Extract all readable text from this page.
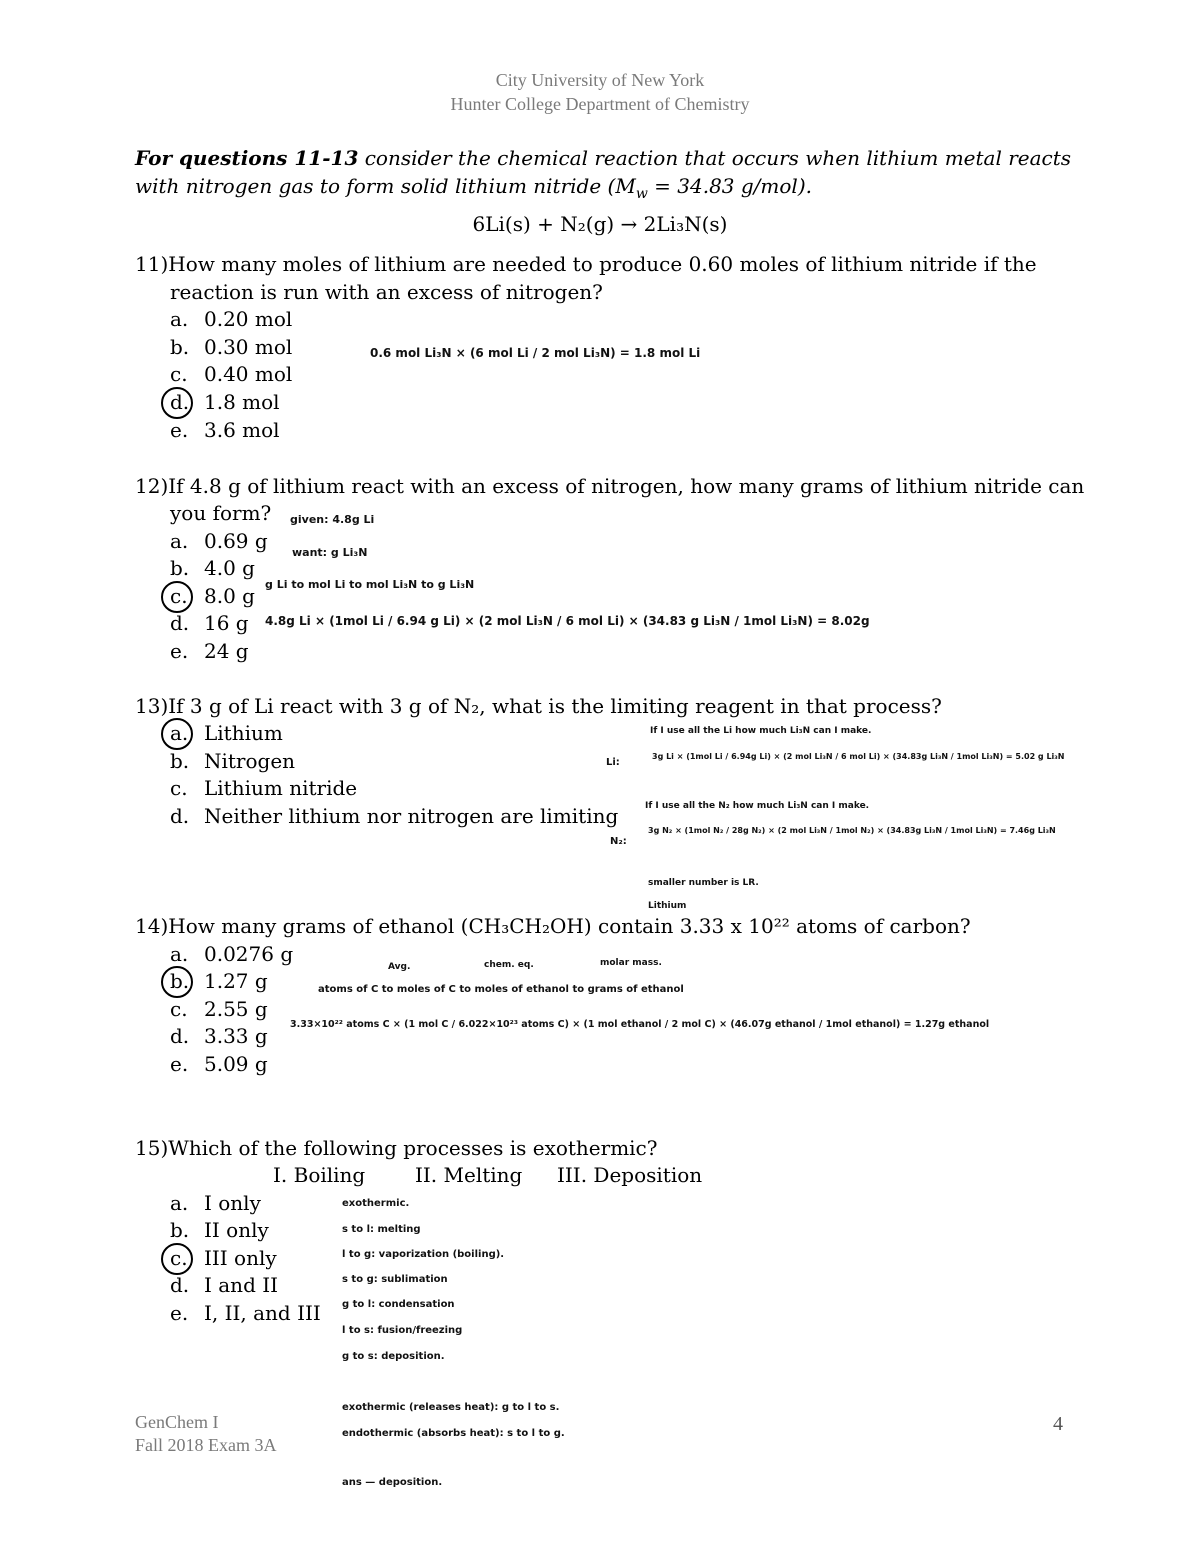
City University of New York
Hunter College Department of Chemistry
For questions 11-13 consider the chemical reaction that occurs when lithium metal reacts
with nitrogen gas to form solid lithium nitride ($M_w = 34.83$ g/mol).
6Li(s) + N₂(g) → 2Li₃N(s)
11)How many moles of lithium are needed to produce 0.60 moles of lithium nitride if the
reaction is run with an excess of nitrogen?
a. 0.20 mol
b. 0.30 mol
c. 0.40 mol
d. 1.8 mol
e. 3.6 mol
0.6 mol Li₃N × (6 mol Li / 2 mol Li₃N) = 1.8 mol Li
12)If 4.8 g of lithium react with an excess of nitrogen, how many grams of lithium nitride can
you form?
a. 0.69 g
b. 4.0 g
c. 8.0 g
d. 16 g
e. 24 g
given: 4.8g Li
want: g Li₃N
g Li to mol Li to mol Li₃N to g Li₃N
4.8g Li × (1mol Li / 6.94 g Li) × (2 mol Li₃N / 6 mol Li) × (34.83 g Li₃N / 1mol Li₃N) = 8.02g
13)If 3 g of Li react with 3 g of N₂, what is the limiting reagent in that process?
a. Lithium
b. Nitrogen
c. Lithium nitride
d. Neither lithium nor nitrogen are limiting
If I use all the Li how much Li₃N can I make.
Li:
3g Li × (1mol Li / 6.94g Li) × (2 mol Li₃N / 6 mol Li) × (34.83g Li₃N / 1mol Li₃N) = 5.02 g Li₃N
If I use all the N₂ how much Li₃N can I make.
N₂:
3g N₂ × (1mol N₂ / 28g N₂) × (2 mol Li₃N / 1mol N₂) × (34.83g Li₃N / 1mol Li₃N) = 7.46g Li₃N
smaller number is LR.
Lithium
14)How many grams of ethanol (CH₃CH₂OH) contain 3.33 x 10²² atoms of carbon?
a. 0.0276 g
b. 1.27 g
c. 2.55 g
d. 3.33 g
e. 5.09 g
Avg.	chem. eq.	molar mass.
atoms of C to moles of C to moles of ethanol to grams of ethanol
3.33×10²² atoms C × (1 mol C / 6.022×10²³ atoms C) × (1 mol ethanol / 2 mol C) × (46.07g ethanol / 1mol ethanol) = 1.27g ethanol
15)Which of the following processes is exothermic?
I. Boiling II. Melting III. Deposition
a. I only
b. II only
c. III only
d. I and II
e. I, II, and III
exothermic.
s to l: melting
l to g: vaporization (boiling).
s to g: sublimation
g to l: condensation
l to s: fusion/freezing
g to s: deposition.
exothermic (releases heat): g to l to s.
endothermic (absorbs heat): s to l to g.
ans — deposition.
GenChem I
Fall 2018 Exam 3A
4
